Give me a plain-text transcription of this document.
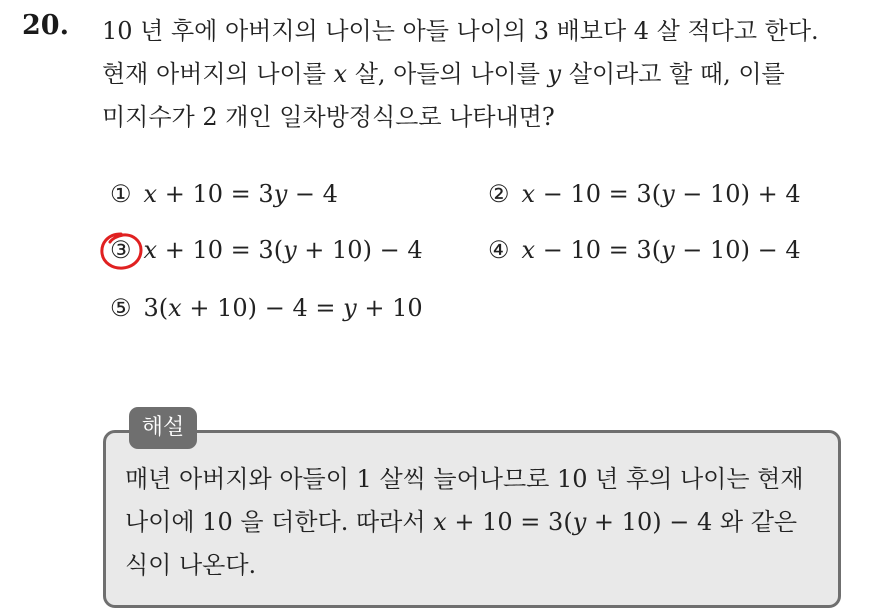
20. 10 년 후에 아버지의 나이는 아들 나이의 3 배보다 4 살 적다고 한다.
현재 아버지의 나이를 x 살, 아들의 나이를 y 살이라고 할 때, 이를
미지수가 2 개인 일차방정식으로 나타내면?
① x + 10 = 3y − 4	② x − 10 = 3(y − 10) + 4
③ x + 10 = 3(y + 10) − 4	④ x − 10 = 3(y − 10) − 4
⑤ 3(x + 10) − 4 = y + 10
해설
매년 아버지와 아들이 1 살씩 늘어나므로 10 년 후의 나이는 현재
나이에 10 을 더한다. 따라서 x + 10 = 3(y + 10) − 4 와 같은
식이 나온다.
